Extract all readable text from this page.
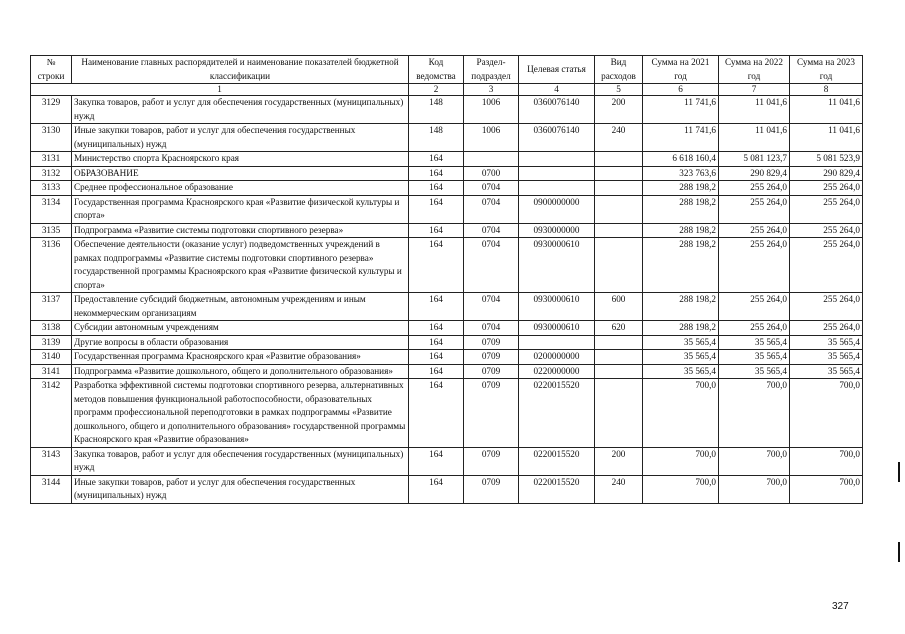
№ строки	Наименование главных распорядителей и наименование показателей бюджетной классификации	Код ведомства	Раздел-подраздел	Целевая статья	Вид расходов	Сумма на 2021 год	Сумма на 2022 год	Сумма на 2023 год
1		2	3	4	5	6	7	8
3129	Закупка товаров, работ и услуг для обеспечения государственных (муниципальных) нужд	148	1006	0360076140	200	11 741,6	11 041,6	11 041,6
3130	Иные закупки товаров, работ и услуг для обеспечения государственных (муниципальных) нужд	148	1006	0360076140	240	11 741,6	11 041,6	11 041,6
3131	Министерство спорта Красноярского края	164				6 618 160,4	5 081 123,7	5 081 523,9
3132	ОБРАЗОВАНИЕ	164	0700			323 763,6	290 829,4	290 829,4
3133	Среднее профессиональное образование	164	0704			288 198,2	255 264,0	255 264,0
3134	Государственная программа Красноярского края «Развитие физической культуры и спорта»	164	0704	0900000000		288 198,2	255 264,0	255 264,0
3135	Подпрограмма «Развитие системы подготовки спортивного резерва»	164	0704	0930000000		288 198,2	255 264,0	255 264,0
3136	Обеспечение деятельности (оказание услуг) подведомственных учреждений в рамках подпрограммы «Развитие системы подготовки спортивного резерва» государственной программы Красноярского края «Развитие физической культуры и спорта»	164	0704	0930000610		288 198,2	255 264,0	255 264,0
3137	Предоставление субсидий бюджетным, автономным учреждениям и иным некоммерческим организациям	164	0704	0930000610	600	288 198,2	255 264,0	255 264,0
3138	Субсидии автономным учреждениям	164	0704	0930000610	620	288 198,2	255 264,0	255 264,0
3139	Другие вопросы в области образования	164	0709			35 565,4	35 565,4	35 565,4
3140	Государственная программа Красноярского края «Развитие образования»	164	0709	0200000000		35 565,4	35 565,4	35 565,4
3141	Подпрограмма «Развитие дошкольного, общего и дополнительного образования»	164	0709	0220000000		35 565,4	35 565,4	35 565,4
3142	Разработка эффективной системы подготовки спортивного резерва, альтернативных методов повышения функциональной работоспособности, образовательных программ профессиональной переподготовки в рамках подпрограммы «Развитие дошкольного, общего и дополнительного образования» государственной программы Красноярского края «Развитие образования»	164	0709	0220015520		700,0	700,0	700,0
3143	Закупка товаров, работ и услуг для обеспечения государственных (муниципальных) нужд	164	0709	0220015520	200	700,0	700,0	700,0
3144	Иные закупки товаров, работ и услуг для обеспечения государственных (муниципальных) нужд	164	0709	0220015520	240	700,0	700,0	700,0
327
